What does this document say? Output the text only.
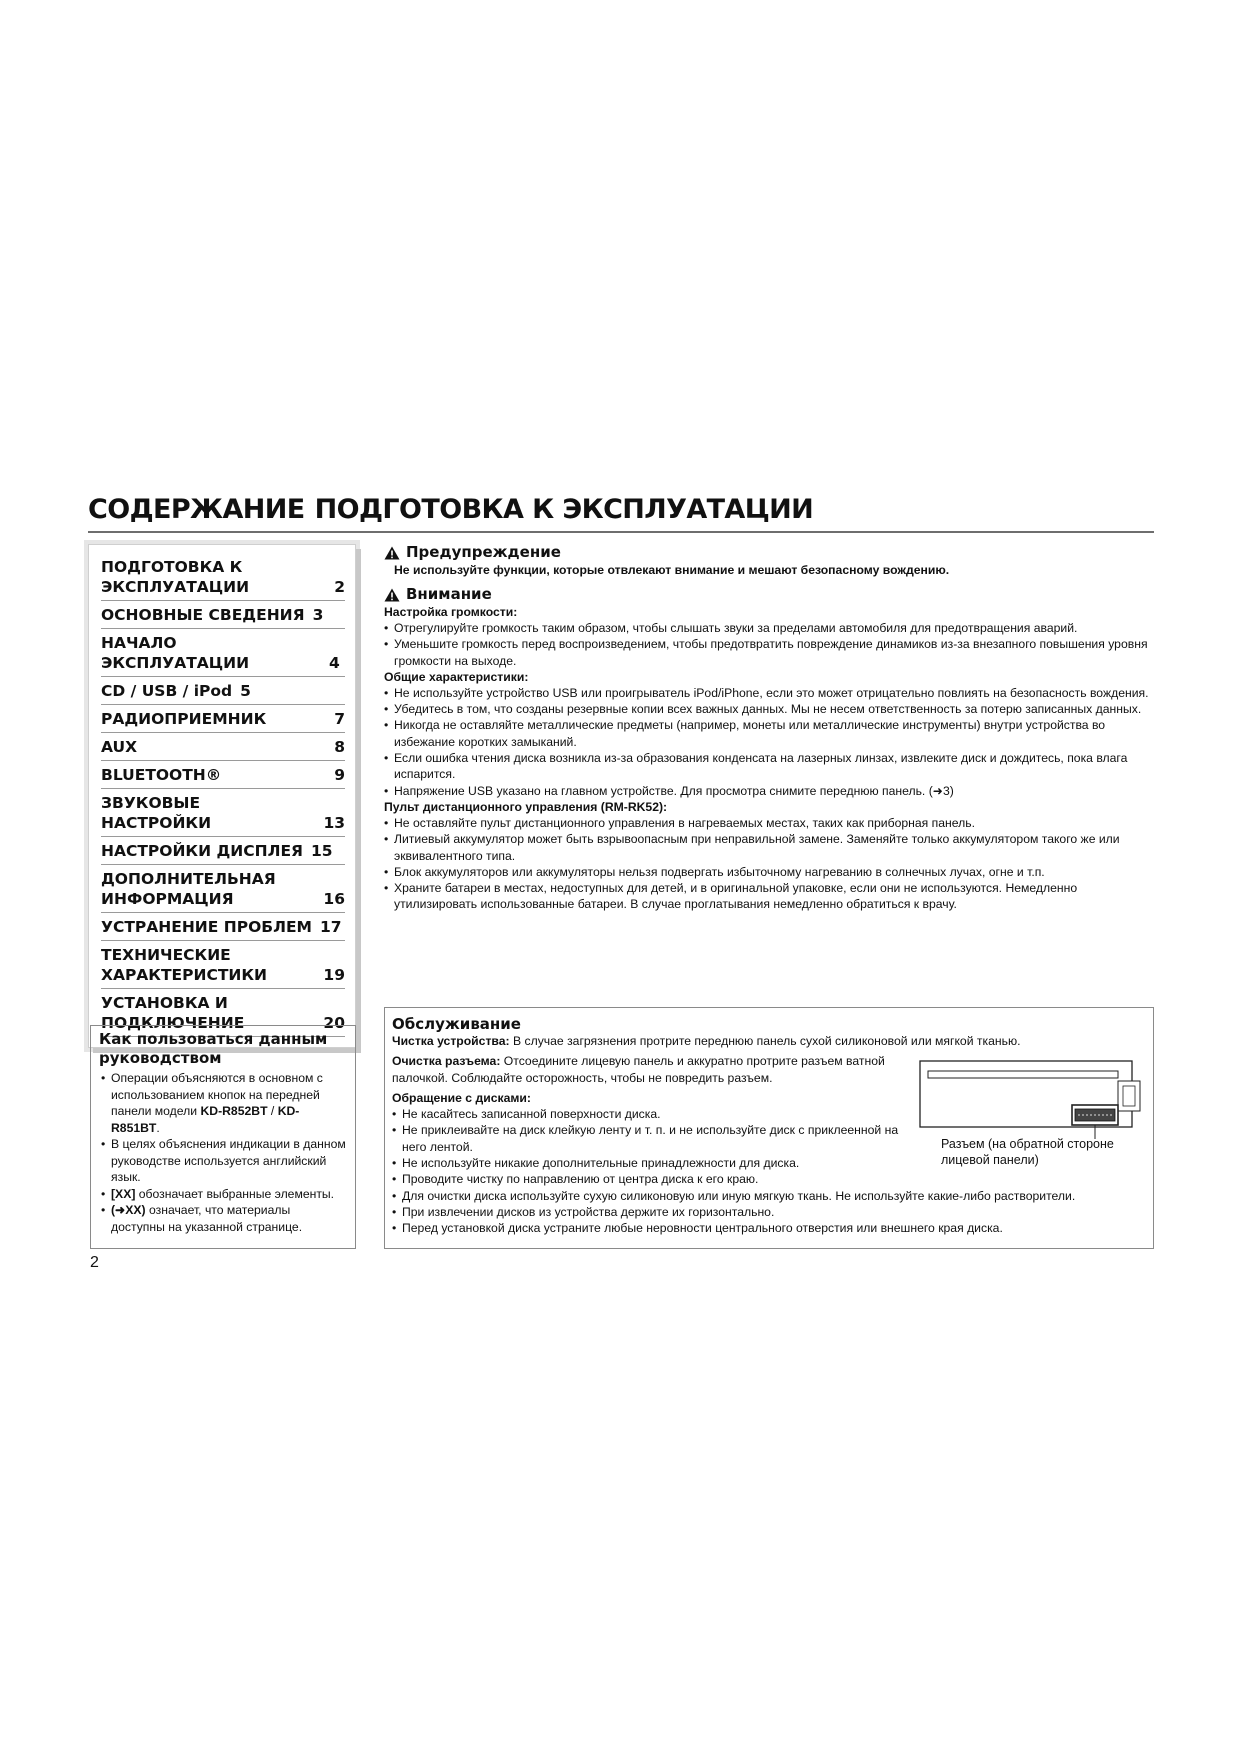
СОДЕРЖАНИЕ ПОДГОТОВКА К ЭКСПЛУАТАЦИИ
ПОДГОТОВКА К
ЭКСПЛУАТАЦИИ	2
ОСНОВНЫЕ СВЕДЕНИЯ 3
НАЧАЛО ЭКСПЛУАТАЦИИ	4
CD / USB / iPod 5
РАДИОПРИЕМНИК	7
AUX	8
BLUETOOTH®	9
ЗВУКОВЫЕ НАСТРОЙКИ	13
НАСТРОЙКИ ДИСПЛЕЯ 15
ДОПОЛНИТЕЛЬНАЯ
ИНФОРМАЦИЯ	16
УСТРАНЕНИЕ ПРОБЛЕМ 17
ТЕХНИЧЕСКИЕ
ХАРАКТЕРИСТИКИ	19
УСТАНОВКА И
ПОДКЛЮЧЕНИЕ	20
Как пользоваться данным руководством
• Операции объясняются в основном с использованием кнопок на передней панели модели KD-R852BT / KD-R851BT.
• В целях объяснения индикации в данном руководстве используется английский язык.
• [XX] обозначает выбранные элементы.
• (➜XX) означает, что материалы доступны на указанной странице.
2
Предупреждение

Не используйте функции, которые отвлекают внимание и мешают безопасному вождению.

Внимание

Настройка громкости:

• Отрегулируйте громкость таким образом, чтобы слышать звуки за пределами автомобиля для предотвращения аварий.
• Уменьшите громкость перед воспроизведением, чтобы предотвратить повреждение динамиков из-за внезапного повышения уровня громкости на выходе.

Общие характеристики:

• Не используйте устройство USB или проигрыватель iPod/iPhone, если это может отрицательно повлиять на безопасность вождения.
• Убедитесь в том, что созданы резервные копии всех важных данных. Мы не несем ответственность за потерю записанных данных.
• Никогда не оставляйте металлические предметы (например, монеты или металлические инструменты) внутри устройства во избежание коротких замыканий.
• Если ошибка чтения диска возникла из-за образования конденсата на лазерных линзах, извлеките диск и дождитесь, пока влага испарится.
• Напряжение USB указано на главном устройстве. Для просмотра снимите переднюю панель. (➜3)

Пульт дистанционного управления (RM-RK52):

• Не оставляйте пульт дистанционного управления в нагреваемых местах, таких как приборная панель.
• Литиевый аккумулятор может быть взрывоопасным при неправильной замене. Заменяйте только аккумулятором такого же или эквивалентного типа.
• Блок аккумуляторов или аккумуляторы нельзя подвергать избыточному нагреванию в солнечных лучах, огне и т.п.
• Храните батареи в местах, недоступных для детей, и в оригинальной упаковке, если они не используются. Немедленно утилизировать использованные батареи. В случае проглатывания немедленно обратиться к врачу.
Обслуживание

Чистка устройства: В случае загрязнения протрите переднюю панель сухой силиконовой или мягкой тканью.

Очистка разъема: Отсоедините лицевую панель и аккуратно протрите разъем ватной палочкой. Соблюдайте осторожность, чтобы не повредить разъем.

Обращение с дисками:

• Не касайтесь записанной поверхности диска.
• Не приклеивайте на диск клейкую ленту и т. п. и не используйте диск с приклеенной на него лентой.
• Не используйте никакие дополнительные принадлежности для диска.
• Проводите чистку по направлению от центра диска к его краю.
• Для очистки диска используйте сухую силиконовую или иную мягкую ткань. Не используйте какие-либо растворители.
• При извлечении дисков из устройства держите их горизонтально.
• Перед установкой диска устраните любые неровности центрального отверстия или внешнего края диска.
Разъем (на обратной стороне лицевой панели)
